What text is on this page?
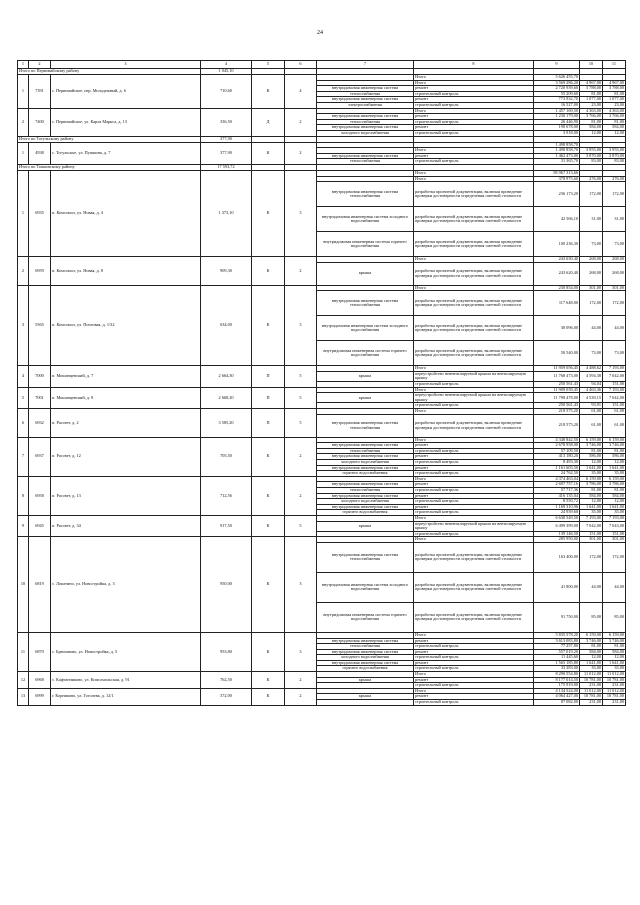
24
1	2	3	4	5	6	7	8	9	10	11
Итого по Первомайскому району			1 045,10							
1	7391	с. Первомайское, пер. Молодежный, д. 6	710,60	К	4		Итого	5 626 455,70		
							Итого	3 569 286,20	4 967,00	4 967,00
						внутридомовая инженерная система	ремонт	2 720 939,60	3 788,00	3 788,00
						теплоснабжения	строительный контроль	55 209,60	81,00	81,00
						внутридомовая инженерная система	ремонт	773 932,70	1 077,00	1 077,00
						электроснабжения	строительный контроль	16 527,00	23,00	23,00
2	7400	с. Первомайское, ул. Карла Маркса, д. 13	336,50	Д	2		Итого	1 457 169,50	4 363,00	4 363,00
						внутридомовая инженерная система	ремонт	1 230 179,00	3 766,00	3 766,00
						теплоснабжения	строительный контроль	26 446,90	81,00	81,00
						внутридомовая инженерная система	ремонт	190 678,00	584,00	584,00
						холодного водоснабжения	строительный контроль	3 918,00	12,00	12,00
Итого по Тогульскому району			377,90							
1	4938	с. Тогульское, ул. Пушкина, д. 7	377,90	К	2			1 498 858,70		
							Итого	1 498 858,70	3 955,00	3 955,00
						внутридомовая инженерная система	ремонт	1 462 473,00	3 870,00	3 870,00
						теплоснабжения	строительный контроль	31 365,70	83,00	83,00
Итого по Топкинскому району			17 593,72							
1	6935	п. Комсомол, ул. Новая, д. 4	1 373,10	К	3		Итого	58 967 313,66		
							Итого	378 975,60	276,00	276,00
						внутридомовая инженерная система теплоснабжения	разработка проектной документации, включая проведение проверки достоверности определения сметной стоимости	236 173,20	172,00	172,00
						внутридомовая инженерная система холодного водоснабжения	разработка проектной документации, включая проведение проверки достоверности определения сметной стоимости	42 566,10	31,00	31,00
						внутридомовая инженерная система горячего водоснабжения	разработка проектной документации, включая проведение проверки достоверности определения сметной стоимости	100 236,30	73,00	73,00
2	6959	п. Комсомол, ул. Новая, д. 8	909,30	К	2		Итого	243 630,40	268,00	268,00
						крыша	разработка проектной документации, включая проведение проверки достоверности определения сметной стоимости	243 620,40	268,00	268,00
3	5565	п. Комсомол, ул. Почтовая, д. 1/32	634,00	К	3		Итого	230 854,00	301,00	301,00
						внутридомовая инженерная система теплоснабжения	разработка проектной документации, включая проведение проверки достоверности определения сметной стоимости	117 648,00	172,00	172,00
						внутридомовая инженерная система холодного водоснабжения	разработка проектной документации, включая проведение проверки достоверности определения сметной стоимости	30 096,00	44,00	44,00
						внутридомовая инженерная система горячего водоснабжения	разработка проектной документации, включая проведение проверки достоверности определения сметной стоимости	50 540,00	73,00	73,00
4	7000	п. Мошанцевский, д. 7	2 664,30	П	5		Итого	11 959 056,45	4 488,62	7 193,00
						крыша	переустройство невентилируемой крыши на вентилируемую крышу	11 768 473,00	4 594,38	7 042,00
							строительный контроль	250 561,43	94,04	151,00
5	7001	п. Мошанцевский, д. 8	2 668,20	П	5		Итого	11 909 039,45	4 463,36	7 193,00
						крыша	переустройство невентилируемой крыши на вентилируемую крышу	11 798 478,00	4 539,15	7 042,00
							строительный контроль	250 561,43	93,91	151,00
6	6932	п. Рассвет, д. 2	3 585,20	П	5		Итого	218 575,20	61,00	61,00
						внутридомовая инженерная система теплоснабжения	разработка проектной документации, включая проведение проверки достоверности определения сметной стоимости	218 575,20	61,00	61,00
7	6937	п. Рассвет, д. 12	705,50	К	2		Итого	4 348 842,50	6 159,00	6 159,00
						внутридомовая инженерная система	ремонт	2 678 958,00	3 746,00	3 746,00
						теплоснабжения	строительный контроль	57 109,50	81,00	81,00
						внутридомовая инженерная система	ремонт	413 180,20	586,00	586,00
						холодного водоснабжения	строительный контроль	8 493,30	12,00	12,00
						внутридомовая инженерная система	ремонт	1 161 603,50	1 641,00	1 641,00
						горячего водоснабжения	строительный контроль	24 762,50	35,00	35,00
8	6958	п. Рассвет, д. 13	712,56	К	2		Итого	4 374 463,04	6 159,00	6 159,00
						внутридомовая инженерная система	ремонт	2 697 757,16	3 786,00	3 786,00
						теплоснабжения	строительный контроль	57 717,36	81,00	81,00
						внутридомовая инженерная система	ремонт	416 135,04	584,00	584,00
						холодного водоснабжения	строительный контроль	8 550,72	12,00	12,00
						внутридомовая инженерная система	ремонт	1 169 310,96	1 641,00	1 641,00
						горячего водоснабжения	строительный контроль	24 939,60	35,00	35,00
9	6945	п. Рассвет, д. 34	917,50	К	5		Итого	6 638 549,50	7 193,00	7 193,00
						крыша	переустройство невентилируемой крыши на вентилируемую крышу	6 499 399,00	7 042,00	7 043,00
							строительный контроль	139 146,50	151,00	151,00
10	6819	с. Лопатино, ул. Новостройка, д. 3	950,00	К	3		Итого	285 950,00	301,00	301,00
						внутридомовая инженерная система теплоснабжения	разработка проектной документации, включая проведение проверки достоверности определения сметной стоимости	163 400,00	172,00	172,00
						внутридомовая инженерная система холодного водоснабжения	разработка проектной документации, включая проведение проверки достоверности определения сметной стоимости	41 800,00	44,00	44,00
						внутридомовая инженерная система горячего водоснабжения	разработка проектной документации, включая проведение проверки достоверности определения сметной стоимости	91 750,00	85,00	85,00
11	6870	с. Брюханово, ул. Новостройка, д. 5	953,80	К	3		Итого	5 835 578,20	6 159,00	6 159,00
						внутридомовая инженерная система	ремонт	3 613 083,80	3 746,00	3 746,00
						теплоснабжения	строительный контроль	77 257,80	81,00	81,00
						внутридомовая инженерная система	ремонт	557 019,20	584,00	584,00
						холодного водоснабжения	строительный контроль	11 445,60	12,00	12,00
						внутридомовая инженерная система	ремонт	1 565 185,80	1 641,00	1 641,00
						горячего водоснабжения	строительный контроль	33 383,00	35,00	35,00
12	6968	с. Кафтанчиково, ул. Комсомольская, д. 91	762,50	К	2		Итого	8 290 554,80	11 012,00	11 012,00
						крыша	ремонт	8 177 014,50	10 781,00	10 781,00
							строительный контроль	175 919,00	231,00	231,00
13	6999	г. Корниково, ул. Гоголева, д. 12/1	372,00	К	2		Итого	4 134 524,00	11 012,00	11 012,00
						крыша	ремонт	4 064 427,00	10 781,00	10 781,00
							строительный контроль	87 082,00	231,00	231,00
